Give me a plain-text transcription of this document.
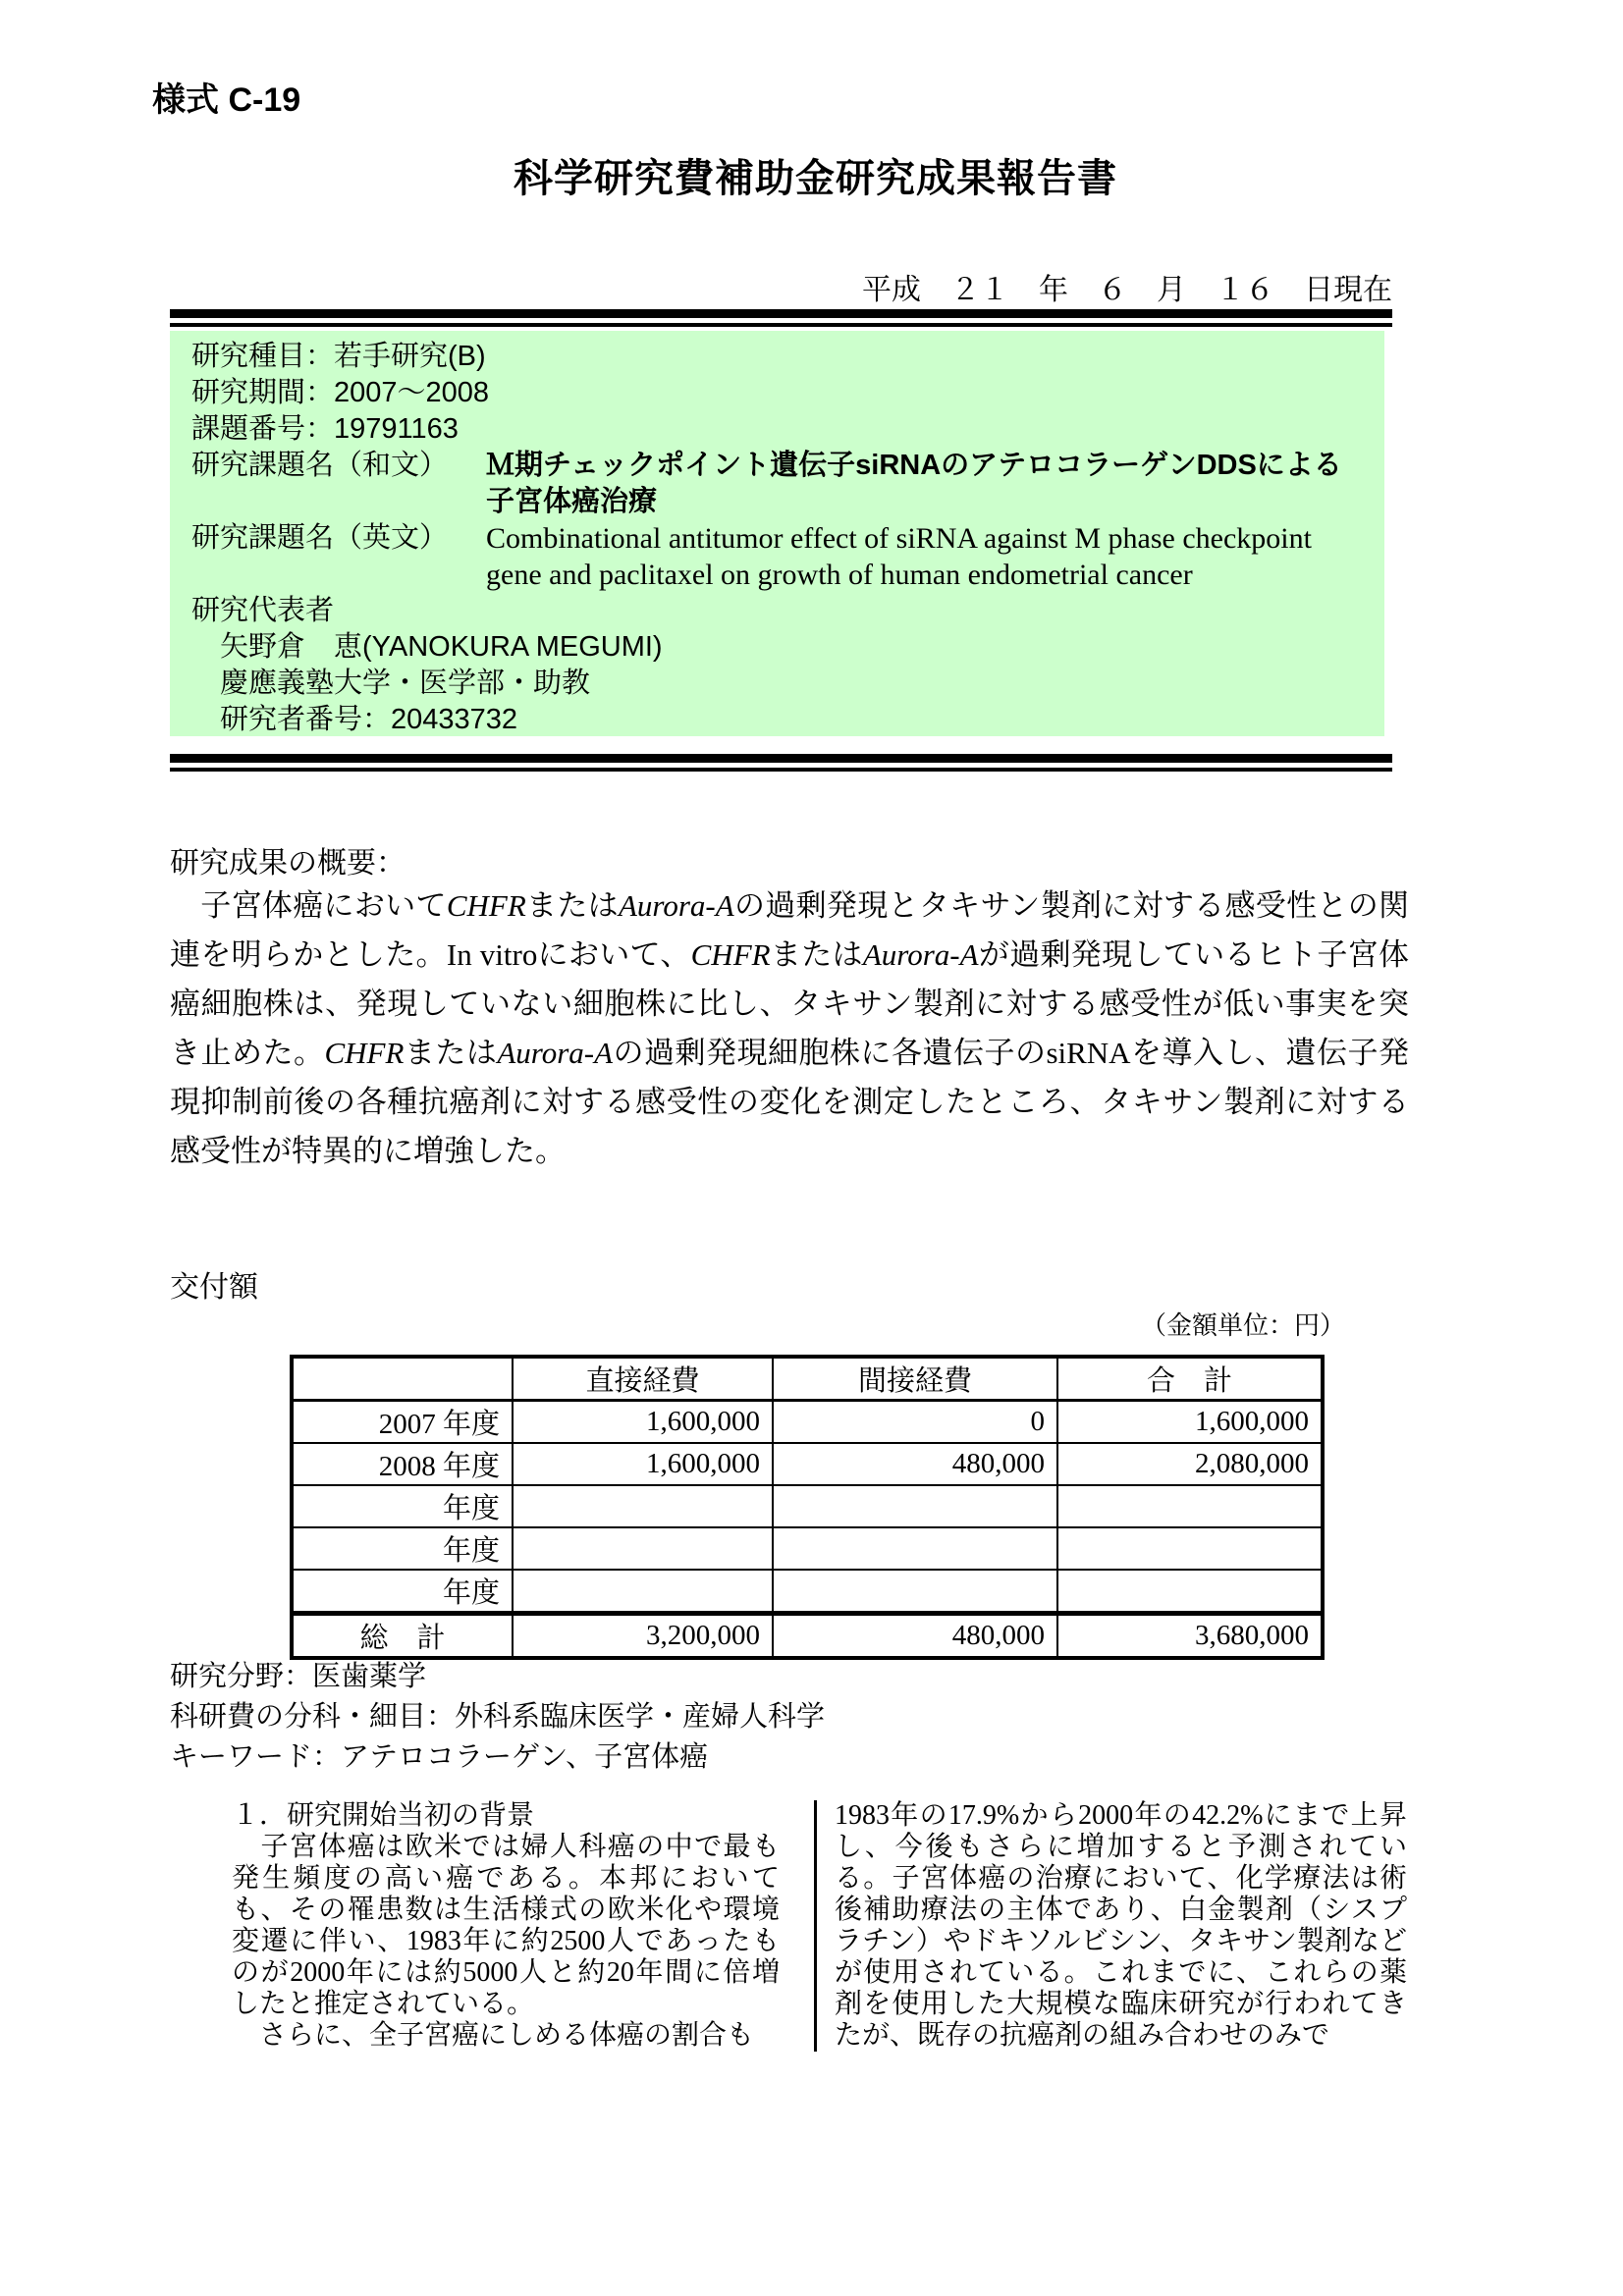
様式 C-19
科学研究費補助金研究成果報告書
平成　２１　年　６　月　１６　日現在
研究種目：若手研究(B)
研究期間：2007～2008
課題番号：19791163
研究課題名（和文）	Ｍ期チェックポイント遺伝子siRNAのアテロコラーゲンDDSによる
子宮体癌治療
研究課題名（英文）	Combinational antitumor effect of siRNA against M phase checkpoint
gene and paclitaxel on growth of human endometrial cancer
研究代表者
矢野倉　恵(YANOKURA MEGUMI)
慶應義塾大学・医学部・助教
研究者番号：20433732
研究成果の概要：
　子宮体癌においてCHFRまたはAurora-Aの過剰発現とタキサン製剤に対する感受性との関連を明らかとした。In vitroにおいて、CHFRまたはAurora-Aが過剰発現しているヒト子宮体癌細胞株は、発現していない細胞株に比し、タキサン製剤に対する感受性が低い事実を突き止めた。CHFRまたはAurora-Aの過剰発現細胞株に各遺伝子のsiRNAを導入し、遺伝子発現抑制前後の各種抗癌剤に対する感受性の変化を測定したところ、タキサン製剤に対する感受性が特異的に増強した。
交付額
（金額単位：円）
	直接経費	間接経費	合　計
2007 年度	1,600,000	0	1,600,000
2008 年度	1,600,000	480,000	2,080,000
年度			
年度			
年度			
総　計	3,200,000	480,000	3,680,000
研究分野：医歯薬学
科研費の分科・細目：外科系臨床医学・産婦人科学
キーワード：アテロコラーゲン、子宮体癌

１．研究開始当初の背景

　子宮体癌は欧米では婦人科癌の中で最も発生頻度の高い癌である。本邦においても、その罹患数は生活様式の欧米化や環境変遷に伴い、1983年に約2500人であったものが2000年には約5000人と約20年間に倍増したと推定されている。

　さらに、全子宮癌にしめる体癌の割合も

1983年の17.9%から2000年の42.2%にまで上昇し、今後もさらに増加すると予測されている。子宮体癌の治療において、化学療法は術後補助療法の主体であり、白金製剤（シスプラチン）やドキソルビシン、タキサン製剤などが使用されている。これまでに、これらの薬剤を使用した大規模な臨床研究が行われてきたが、既存の抗癌剤の組み合わせのみで
